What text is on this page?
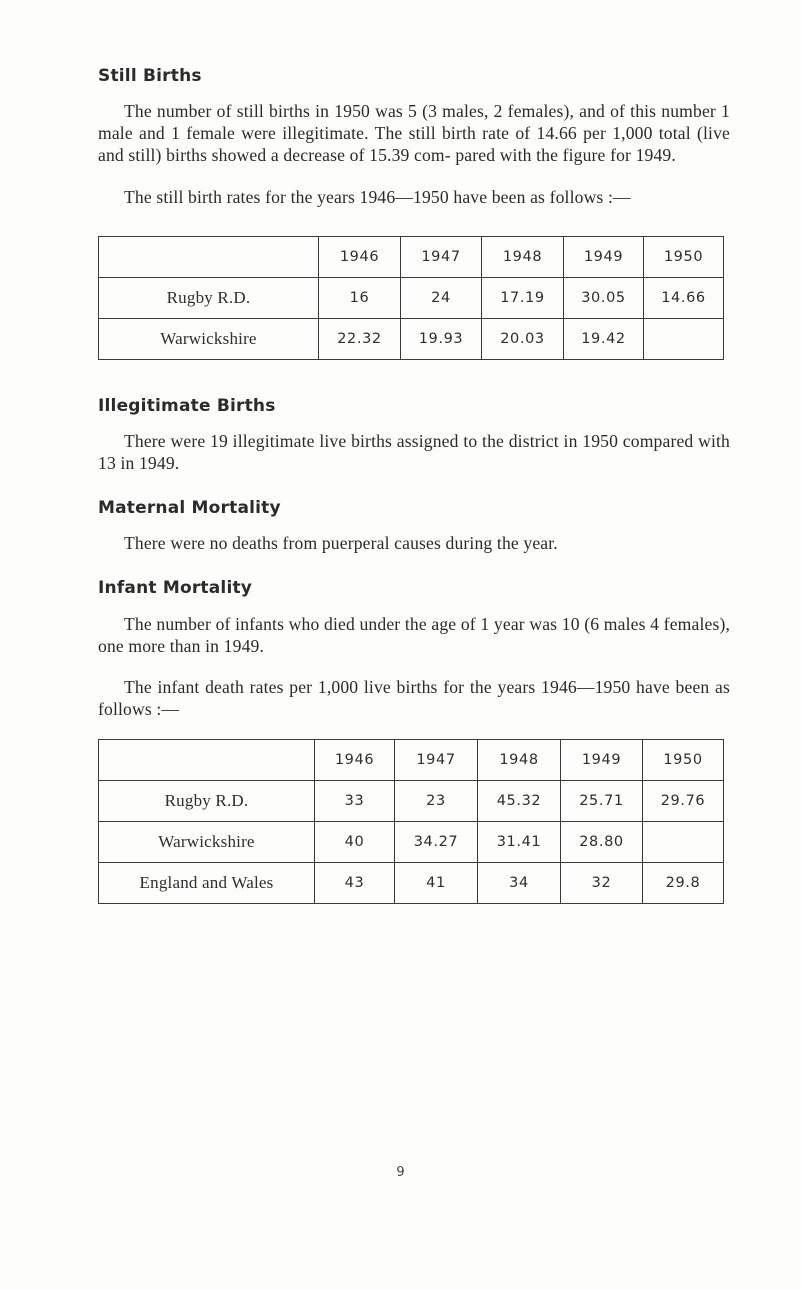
Still Births

The number of still births in 1950 was 5 (3 males, 2 females), and of this number 1 male and 1 female were illegitimate. The still birth rate of 14.66 per 1,000 total (live and still) births showed a decrease of 15.39 com- pared with the figure for 1949.

The still birth rates for the years 1946—1950 have been as follows :—

	1946	1947	1948	1949	1950
Rugby R.D.	16	24	17.19	30.05	14.66
Warwickshire	22.32	19.93	20.03	19.42	
Illegitimate Births

There were 19 illegitimate live births assigned to the district in 1950 compared with 13 in 1949.

Maternal Mortality

There were no deaths from puerperal causes during the year.

Infant Mortality

The number of infants who died under the age of 1 year was 10 (6 males 4 females), one more than in 1949.

The infant death rates per 1,000 live births for the years 1946—1950 have been as follows :—

	1946	1947	1948	1949	1950
Rugby R.D.	33	23	45.32	25.71	29.76
Warwickshire	40	34.27	31.41	28.80	
England and Wales	43	41	34	32	29.8
9
